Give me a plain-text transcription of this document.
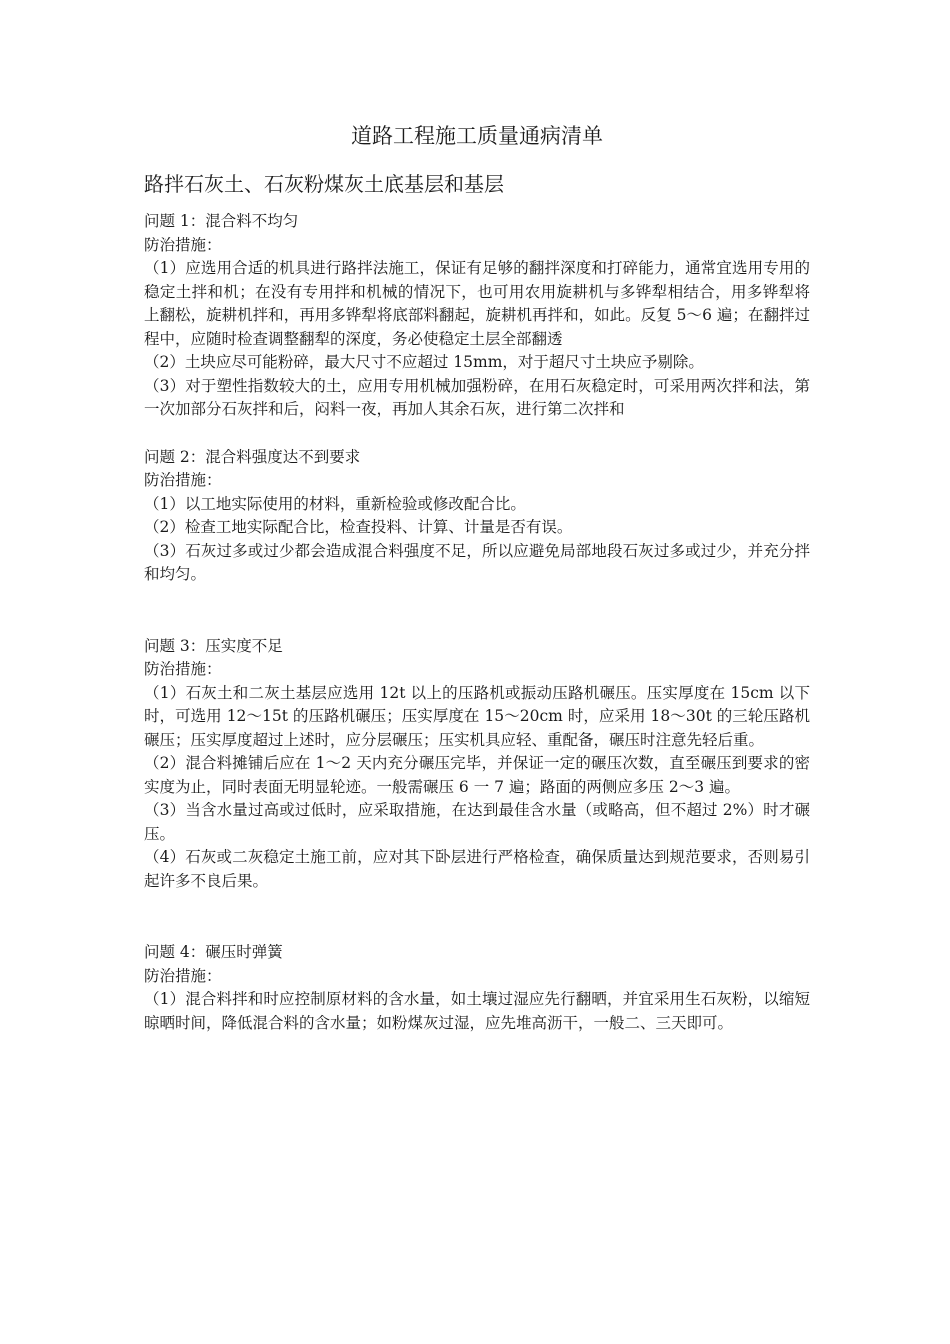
道路工程施工质量通病清单
路拌石灰土、石灰粉煤灰土底基层和基层

问题 1：混合料不均匀

防治措施：

（1）应选用合适的机具进行路拌法施工，保证有足够的翻拌深度和打碎能力，通常宜选用专用的稳定土拌和机；在没有专用拌和机械的情况下，也可用农用旋耕机与多铧犁相结合，用多铧犁将上翻松，旋耕机拌和，再用多铧犁将底部料翻起，旋耕机再拌和，如此。反复 5～6 遍；在翻拌过程中，应随时检查调整翻犁的深度，务必使稳定土层全部翻透

（2）土块应尽可能粉碎，最大尺寸不应超过 15mm，对于超尺寸土块应予剔除。

（3）对于塑性指数较大的土，应用专用机械加强粉碎，在用石灰稳定时，可采用两次拌和法，第一次加部分石灰拌和后，闷料一夜，再加人其余石灰，进行第二次拌和

问题 2：混合料强度达不到要求

防治措施：

（1）以工地实际使用的材料，重新检验或修改配合比。

（2）检查工地实际配合比，检查投料、计算、计量是否有误。

（3）石灰过多或过少都会造成混合料强度不足，所以应避免局部地段石灰过多或过少，并充分拌和均匀。

问题 3：压实度不足

防治措施：

（1）石灰土和二灰土基层应选用 12t 以上的压路机或振动压路机碾压。压实厚度在 15cm 以下时，可选用 12～15t 的压路机碾压；压实厚度在 15～20cm 时，应采用 18～30t 的三轮压路机碾压；压实厚度超过上述时，应分层碾压；压实机具应轻、重配备，碾压时注意先轻后重。

（2）混合料摊铺后应在 1～2 天内充分碾压完毕，并保证一定的碾压次数，直至碾压到要求的密实度为止，同时表面无明显轮迹。一般需碾压 6 一 7 遍；路面的两侧应多压 2～3 遍。

（3）当含水量过高或过低时，应采取措施，在达到最佳含水量（或略高，但不超过 2%）时才碾压。

（4）石灰或二灰稳定土施工前，应对其下卧层进行严格检查，确保质量达到规范要求，否则易引起许多不良后果。

问题 4：碾压时弹簧

防治措施：

（1）混合料拌和时应控制原材料的含水量，如土壤过湿应先行翻晒，并宜采用生石灰粉，以缩短晾晒时间，降低混合料的含水量；如粉煤灰过湿，应先堆高沥干，一般二、三天即可。
